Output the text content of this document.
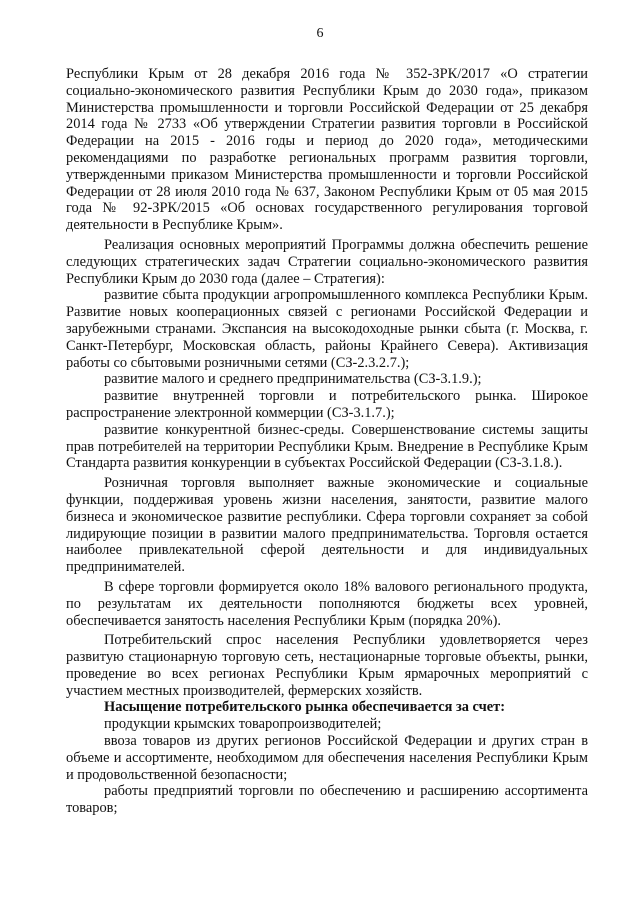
6

Республики Крым от 28 декабря 2016 года № 352-ЗРК/2017 «О стратегии социально-экономического развития Республики Крым до 2030 года», приказом Министерства промышленности и торговли Российской Федерации от 25 декабря 2014 года № 2733 «Об утверждении Стратегии развития торговли в Российской Федерации на 2015 - 2016 годы и период до 2020 года», методическими рекомендациями по разработке региональных программ развития торговли, утвержденными приказом Министерства промышленности и торговли Российской Федерации от 28 июля 2010 года № 637, Законом Республики Крым от 05 мая 2015 года № 92-ЗРК/2015 «Об основах государственного регулирования торговой деятельности в Республике Крым».

Реализация основных мероприятий Программы должна обеспечить решение следующих стратегических задач Стратегии социально-экономического развития Республики Крым до 2030 года (далее – Стратегия):

развитие сбыта продукции агропромышленного комплекса Республики Крым. Развитие новых кооперационных связей с регионами Российской Федерации и зарубежными странами. Экспансия на высокодоходные рынки сбыта (г. Москва, г. Санкт-Петербург, Московская область, районы Крайнего Севера). Активизация работы со сбытовыми розничными сетями (СЗ-2.3.2.7.);

развитие малого и среднего предпринимательства (СЗ-3.1.9.);

развитие внутренней торговли и потребительского рынка. Широкое распространение электронной коммерции (СЗ-3.1.7.);

развитие конкурентной бизнес-среды. Совершенствование системы защиты прав потребителей на территории Республики Крым. Внедрение в Республике Крым Стандарта развития конкуренции в субъектах Российской Федерации (СЗ-3.1.8.).

Розничная торговля выполняет важные экономические и социальные функции, поддерживая уровень жизни населения, занятости, развитие малого бизнеса и экономическое развитие республики. Сфера торговли сохраняет за собой лидирующие позиции в развитии малого предпринимательства. Торговля остается наиболее привлекательной сферой деятельности и для индивидуальных предпринимателей.

В сфере торговли формируется около 18% валового регионального продукта, по результатам их деятельности пополняются бюджеты всех уровней, обеспечивается занятость населения Республики Крым (порядка 20%).

Потребительский спрос населения Республики удовлетворяется через развитую стационарную торговую сеть, нестационарные торговые объекты, рынки, проведение во всех регионах Республики Крым ярмарочных мероприятий с участием местных производителей, фермерских хозяйств.

Насыщение потребительского рынка обеспечивается за счет:

продукции крымских товаропроизводителей;

ввоза товаров из других регионов Российской Федерации и других стран в объеме и ассортименте, необходимом для обеспечения населения Республики Крым и продовольственной безопасности;

работы предприятий торговли по обеспечению и расширению ассортимента товаров;
